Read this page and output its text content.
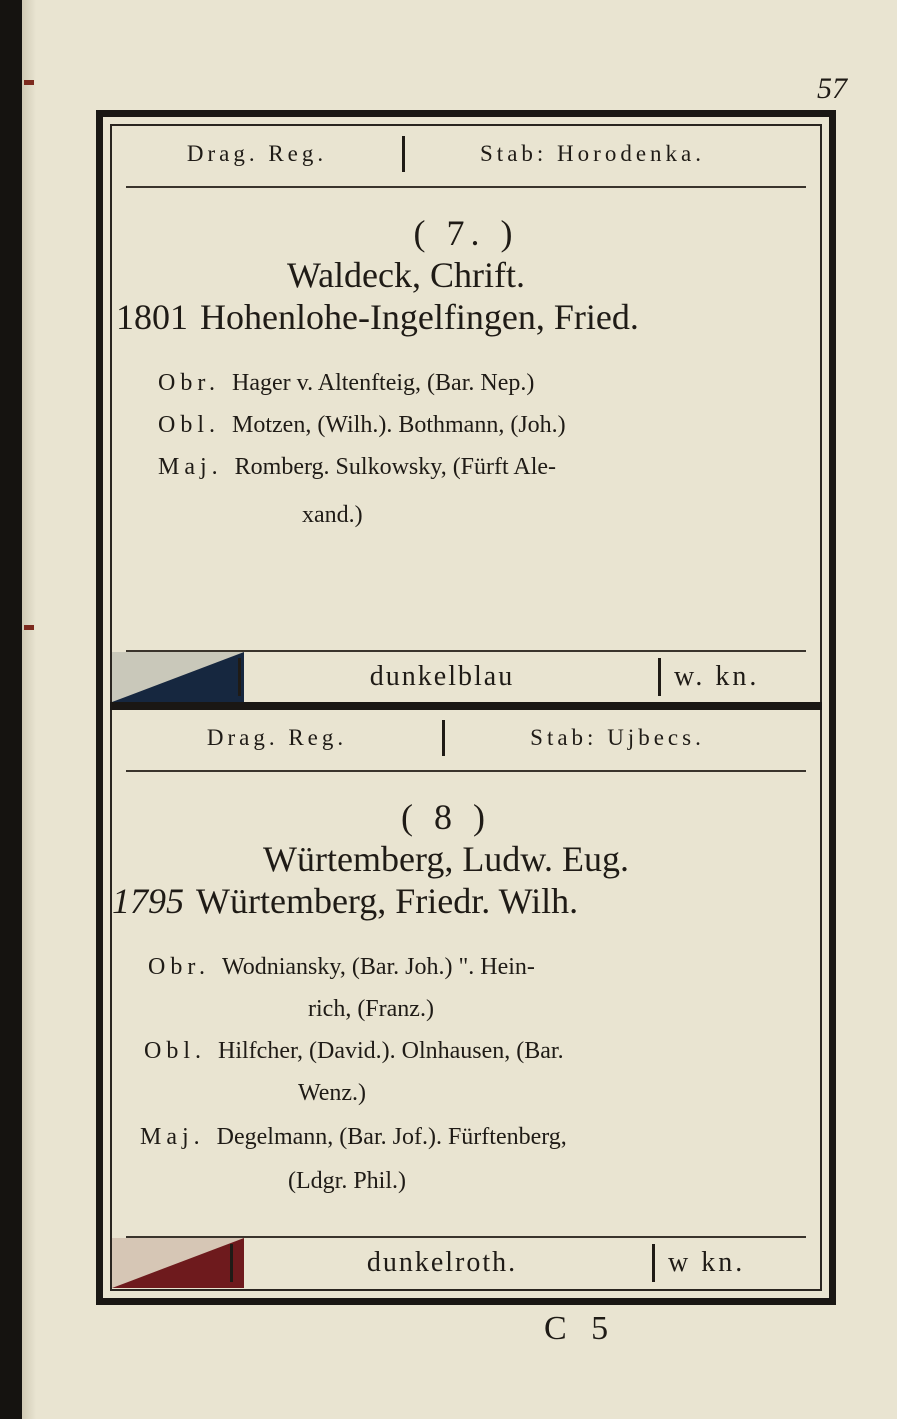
57
Drag. Reg.	Stab: Horodenka.
( 7. )
Waldeck, Chrift.
1801 Hohenlohe-Ingelfingen, Fried.
Obr. Hager v. Altenfteig, (Bar. Nep.)
Obl. Motzen, (Wilh.). Bothmann, (Joh.)
Maj. Romberg. Sulkowsky, (Fürft Ale-
xand.)
dunkelblau	w. kn.
Drag. Reg.	Stab: Ujbecs.
( 8 )
Würtemberg, Ludw. Eug.
1795 Würtemberg, Friedr. Wilh.
Obr. Wodniansky, (Bar. Joh.) ". Hein-
rich, (Franz.)
Obl. Hilfcher, (David.). Olnhausen, (Bar.
Wenz.)
Maj. Degelmann, (Bar. Jof.). Fürftenberg,
(Ldgr. Phil.)
dunkelroth.	w kn.
C 5
